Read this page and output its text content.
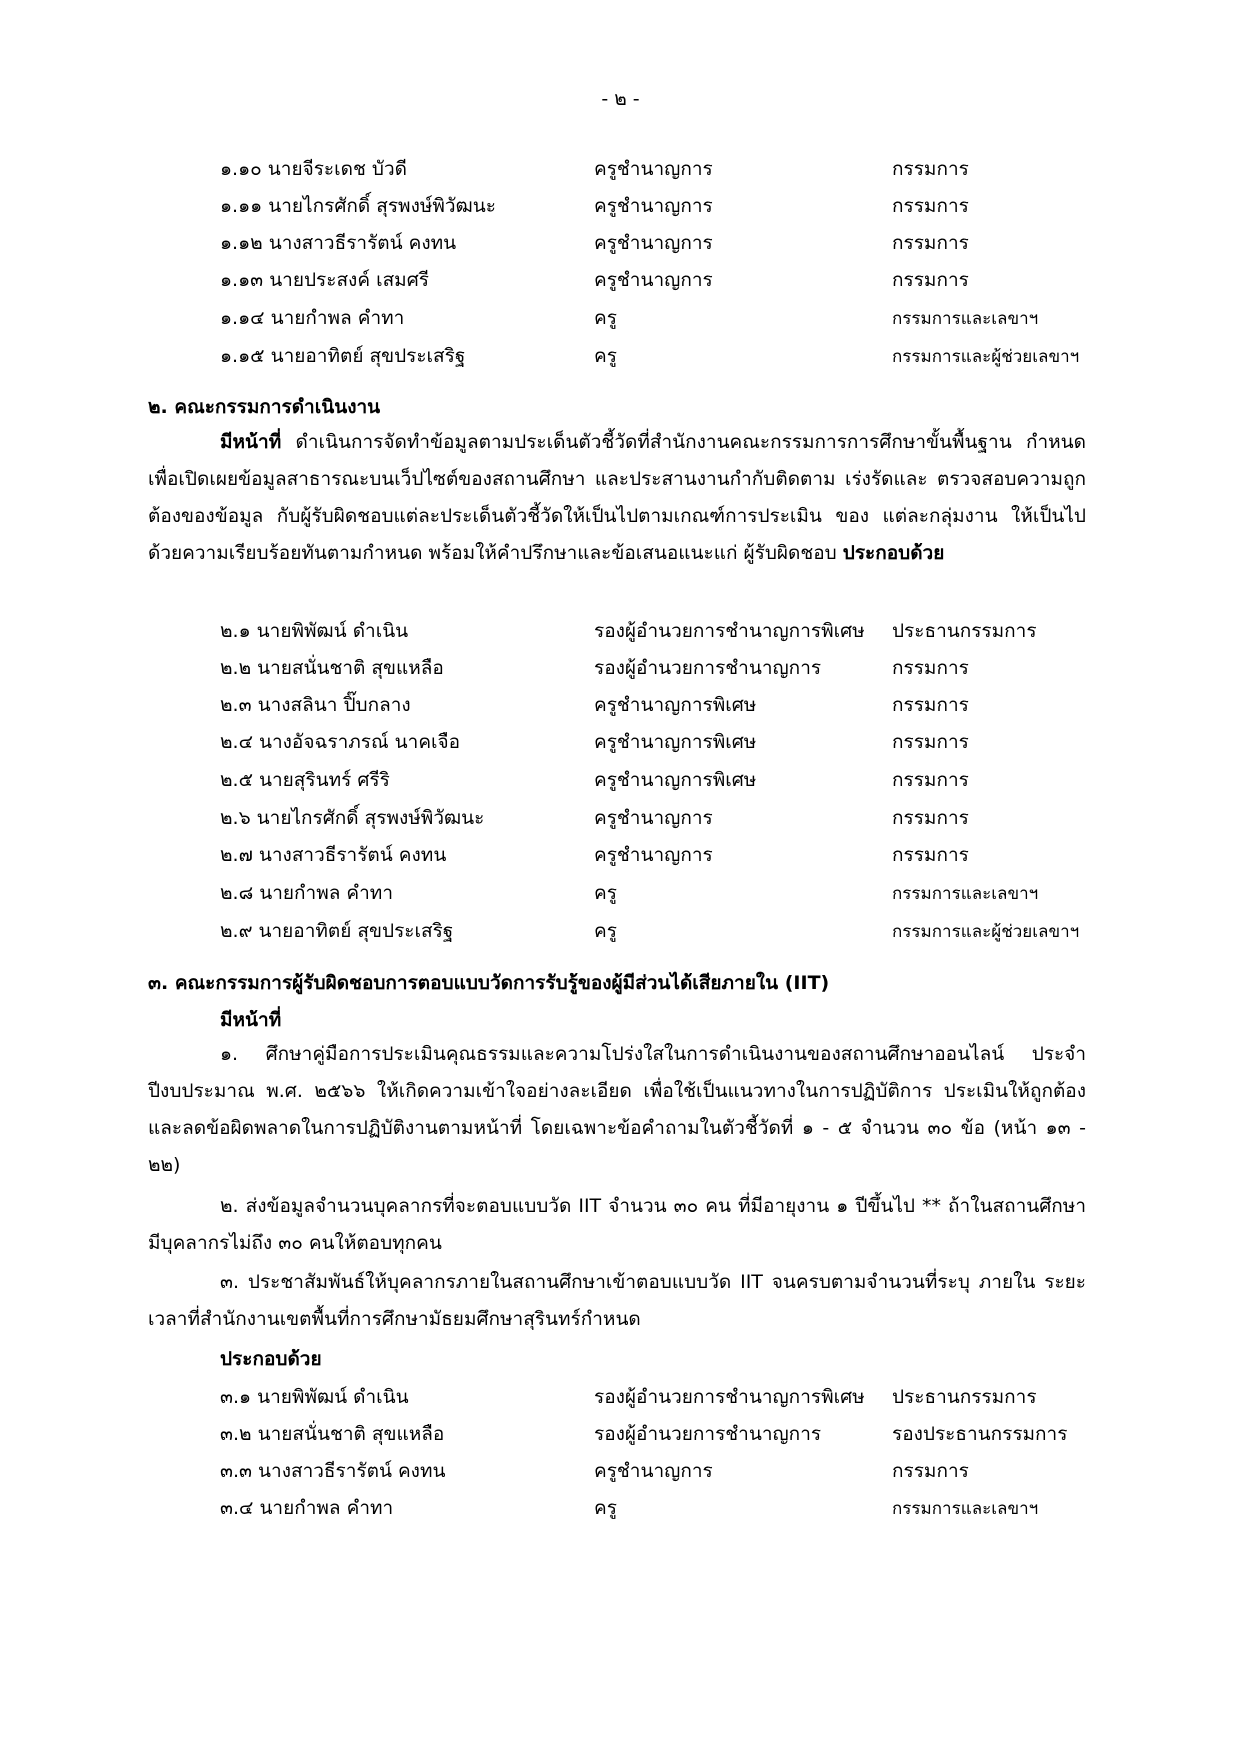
- ๒ -
๑.๑๐ นายจีระเดช บัวดี	ครูชำนาญการ	กรรมการ
๑.๑๑ นายไกรศักดิ์ สุรพงษ์พิวัฒนะ	ครูชำนาญการ	กรรมการ
๑.๑๒ นางสาวธีรารัตน์ คงทน	ครูชำนาญการ	กรรมการ
๑.๑๓ นายประสงค์ เสมศรี	ครูชำนาญการ	กรรมการ
๑.๑๔ นายกำพล คำทา	ครู	กรรมการและเลขาฯ
๑.๑๕ นายอาทิตย์ สุขประเสริฐ	ครู	กรรมการและผู้ช่วยเลขาฯ
๒. คณะกรรมการดำเนินงาน

มีหน้าที่ ดำเนินการจัดทำข้อมูลตามประเด็นตัวชี้วัดที่สำนักงานคณะกรรมการการศึกษาขั้นพื้นฐาน กำหนดเพื่อเปิดเผยข้อมูลสาธารณะบนเว็ปไซต์ของสถานศึกษา และประสานงานกำกับติดตาม เร่งรัดและ ตรวจสอบความถูกต้องของข้อมูล กับผู้รับผิดชอบแต่ละประเด็นตัวชี้วัดให้เป็นไปตามเกณฑ์การประเมิน ของ แต่ละกลุ่มงาน ให้เป็นไปด้วยความเรียบร้อยทันตามกำหนด พร้อมให้คำปรึกษาและข้อเสนอแนะแก่ ผู้รับผิดชอบ ประกอบด้วย

๒.๑ นายพิพัฒน์ ดำเนิน	รองผู้อำนวยการชำนาญการพิเศษ ประธานกรรมการ
๒.๒ นายสนั่นชาติ สุขแหลือ	รองผู้อำนวยการชำนาญการ	กรรมการ
๒.๓ นางสลินา ปิ๊บกลาง	ครูชำนาญการพิเศษ	กรรมการ
๒.๔ นางอัจฉราภรณ์ นาคเจือ	ครูชำนาญการพิเศษ	กรรมการ
๒.๕ นายสุรินทร์ ศรีริ	ครูชำนาญการพิเศษ	กรรมการ
๒.๖ นายไกรศักดิ์ สุรพงษ์พิวัฒนะ	ครูชำนาญการ	กรรมการ
๒.๗ นางสาวธีรารัตน์ คงทน	ครูชำนาญการ	กรรมการ
๒.๘ นายกำพล คำทา	ครู	กรรมการและเลขาฯ
๒.๙ นายอาทิตย์ สุขประเสริฐ	ครู	กรรมการและผู้ช่วยเลขาฯ
๓. คณะกรรมการผู้รับผิดชอบการตอบแบบวัดการรับรู้ของผู้มีส่วนได้เสียภายใน (IIT)
มีหน้าที่

๑. ศึกษาคู่มือการประเมินคุณธรรมและความโปร่งใสในการดำเนินงานของสถานศึกษาออนไลน์ ประจำปีงบประมาณ พ.ศ. ๒๕๖๖ ให้เกิดความเข้าใจอย่างละเอียด เพื่อใช้เป็นแนวทางในการปฏิบัติการ ประเมินให้ถูกต้องและลดข้อผิดพลาดในการปฏิบัติงานตามหน้าที่ โดยเฉพาะข้อคำถามในตัวชี้วัดที่ ๑ - ๕ จำนวน ๓๐ ข้อ (หน้า ๑๓ - ๒๒)

๒. ส่งข้อมูลจำนวนบุคลากรที่จะตอบแบบวัด IIT จำนวน ๓๐ คน ที่มีอายุงาน ๑ ปีขึ้นไป ** ถ้าในสถานศึกษามีบุคลากรไม่ถึง ๓๐ คนให้ตอบทุกคน

๓. ประชาสัมพันธ์ให้บุคลากรภายในสถานศึกษาเข้าตอบแบบวัด IIT จนครบตามจำนวนที่ระบุ ภายใน ระยะเวลาที่สำนักงานเขตพื้นที่การศึกษามัธยมศึกษาสุรินทร์กำหนด

ประกอบด้วย
๓.๑ นายพิพัฒน์ ดำเนิน	รองผู้อำนวยการชำนาญการพิเศษ ประธานกรรมการ
๓.๒ นายสนั่นชาติ สุขแหลือ	รองผู้อำนวยการชำนาญการ	รองประธานกรรมการ
๓.๓ นางสาวธีรารัตน์ คงทน	ครูชำนาญการ	กรรมการ
๓.๔ นายกำพล คำทา	ครู	กรรมการและเลขาฯ
